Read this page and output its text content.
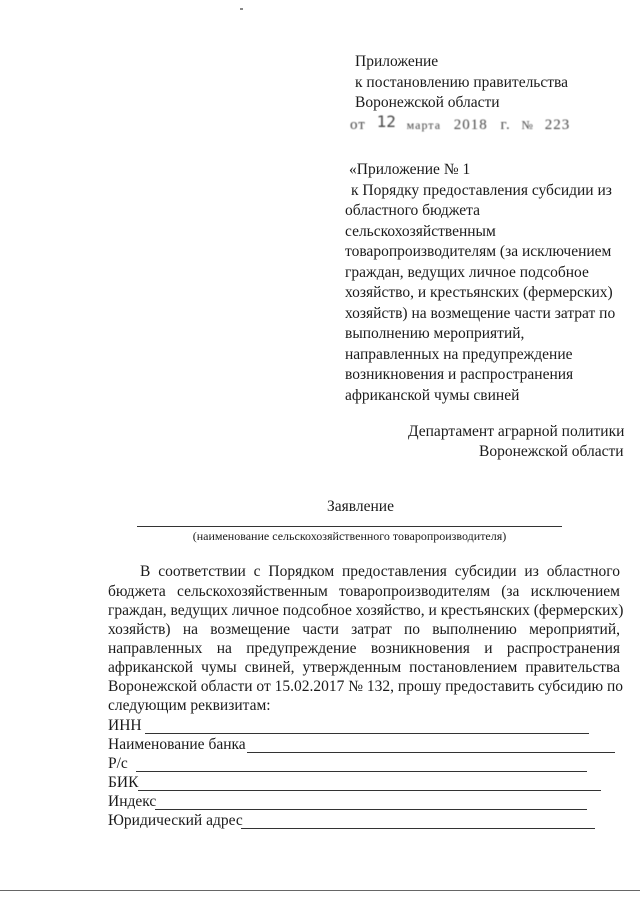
Приложение
к постановлению правительства
Воронежской области
от 12 марта 2018 г. № 223
«Приложение № 1
к Порядку предоставления субсидии из
областного бюджета
сельскохозяйственным
товаропроизводителям (за исключением
граждан, ведущих личное подсобное
хозяйство, и крестьянских (фермерских)
хозяйств) на возмещение части затрат по
выполнению мероприятий,
направленных на предупреждение
возникновения и распространения
африканской чумы свиней
Департамент аграрной политики
Воронежской области
Заявление
(наименование сельскохозяйственного товаропроизводителя)
В соответствии с Порядком предоставления субсидии из областного
бюджета сельскохозяйственным товаропроизводителям (за исключением
граждан, ведущих личное подсобное хозяйство, и крестьянских (фермерских)
хозяйств) на возмещение части затрат по выполнению мероприятий,
направленных на предупреждение возникновения и распространения
африканской чумы свиней, утвержденным постановлением правительства
Воронежской области от 15.02.2017 № 132, прошу предоставить субсидию по
следующим реквизитам:
ИНН
Наименование банка
Р/с
БИК
Индекс
Юридический адрес
